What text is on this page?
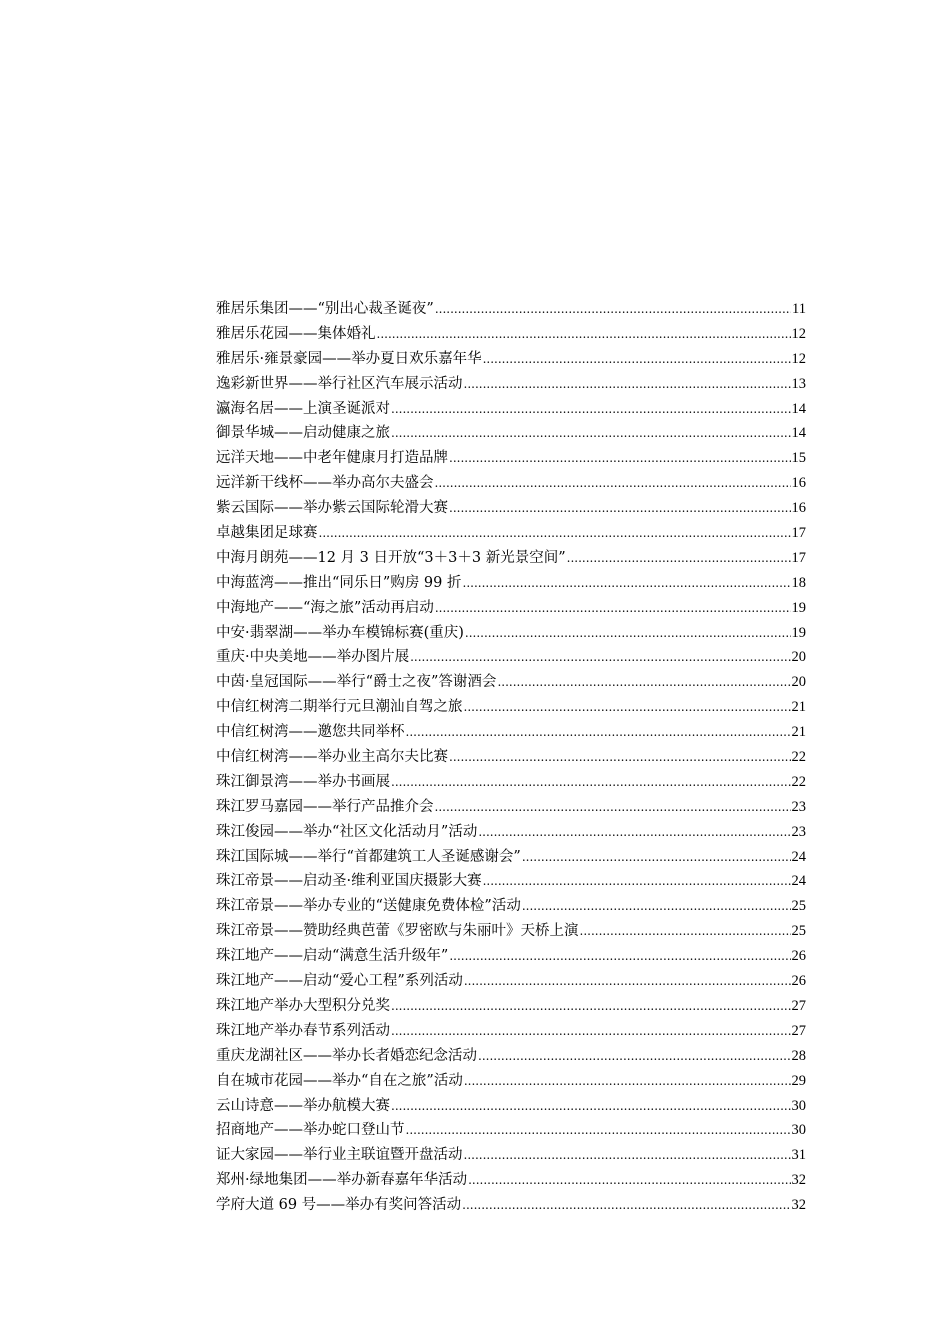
雅居乐集团——“别出心裁圣诞夜” .....	11
雅居乐花园——集体婚礼 .....	12
雅居乐·雍景豪园——举办夏日欢乐嘉年华 .....	12
逸彩新世界——举行社区汽车展示活动 .....	13
瀛海名居——上演圣诞派对 .....	14
御景华城——启动健康之旅 .....	14
远洋天地——中老年健康月打造品牌 .....	15
远洋新干线杯——举办高尔夫盛会 .....	16
紫云国际——举办紫云国际轮滑大赛 .....	16
卓越集团足球赛 .....	17
中海月朗苑——12 月 3 日开放“3＋3＋3 新光景空间” .....	17
中海蓝湾——推出“同乐日”购房 99 折 .....	18
中海地产——“海之旅”活动再启动 .....	19
中安·翡翠湖——举办车模锦标赛(重庆) .....	19
重庆·中央美地——举办图片展 .....	20
中茵·皇冠国际——举行“爵士之夜”答谢酒会 .....	20
中信红树湾二期举行元旦潮汕自驾之旅 .....	21
中信红树湾——邀您共同举杯 .....	21
中信红树湾——举办业主高尔夫比赛 .....	22
珠江御景湾——举办书画展 .....	22
珠江罗马嘉园——举行产品推介会 .....	23
珠江俊园——举办“社区文化活动月”活动 .....	23
珠江国际城——举行“首都建筑工人圣诞感谢会” .....	24
珠江帝景——启动圣·维利亚国庆摄影大赛 .....	24
珠江帝景——举办专业的“送健康免费体检”活动 .....	25
珠江帝景——赞助经典芭蕾《罗密欧与朱丽叶》天桥上演 .....	25
珠江地产——启动“满意生活升级年” .....	26
珠江地产——启动“爱心工程”系列活动 .....	26
珠江地产举办大型积分兑奖 .....	27
珠江地产举办春节系列活动 .....	27
重庆龙湖社区——举办长者婚恋纪念活动 .....	28
自在城市花园——举办“自在之旅”活动 .....	29
云山诗意——举办航模大赛 .....	30
招商地产——举办蛇口登山节 .....	30
证大家园——举行业主联谊暨开盘活动 .....	31
郑州·绿地集团——举办新春嘉年华活动 .....	32
学府大道 69 号——举办有奖问答活动 .....	32
